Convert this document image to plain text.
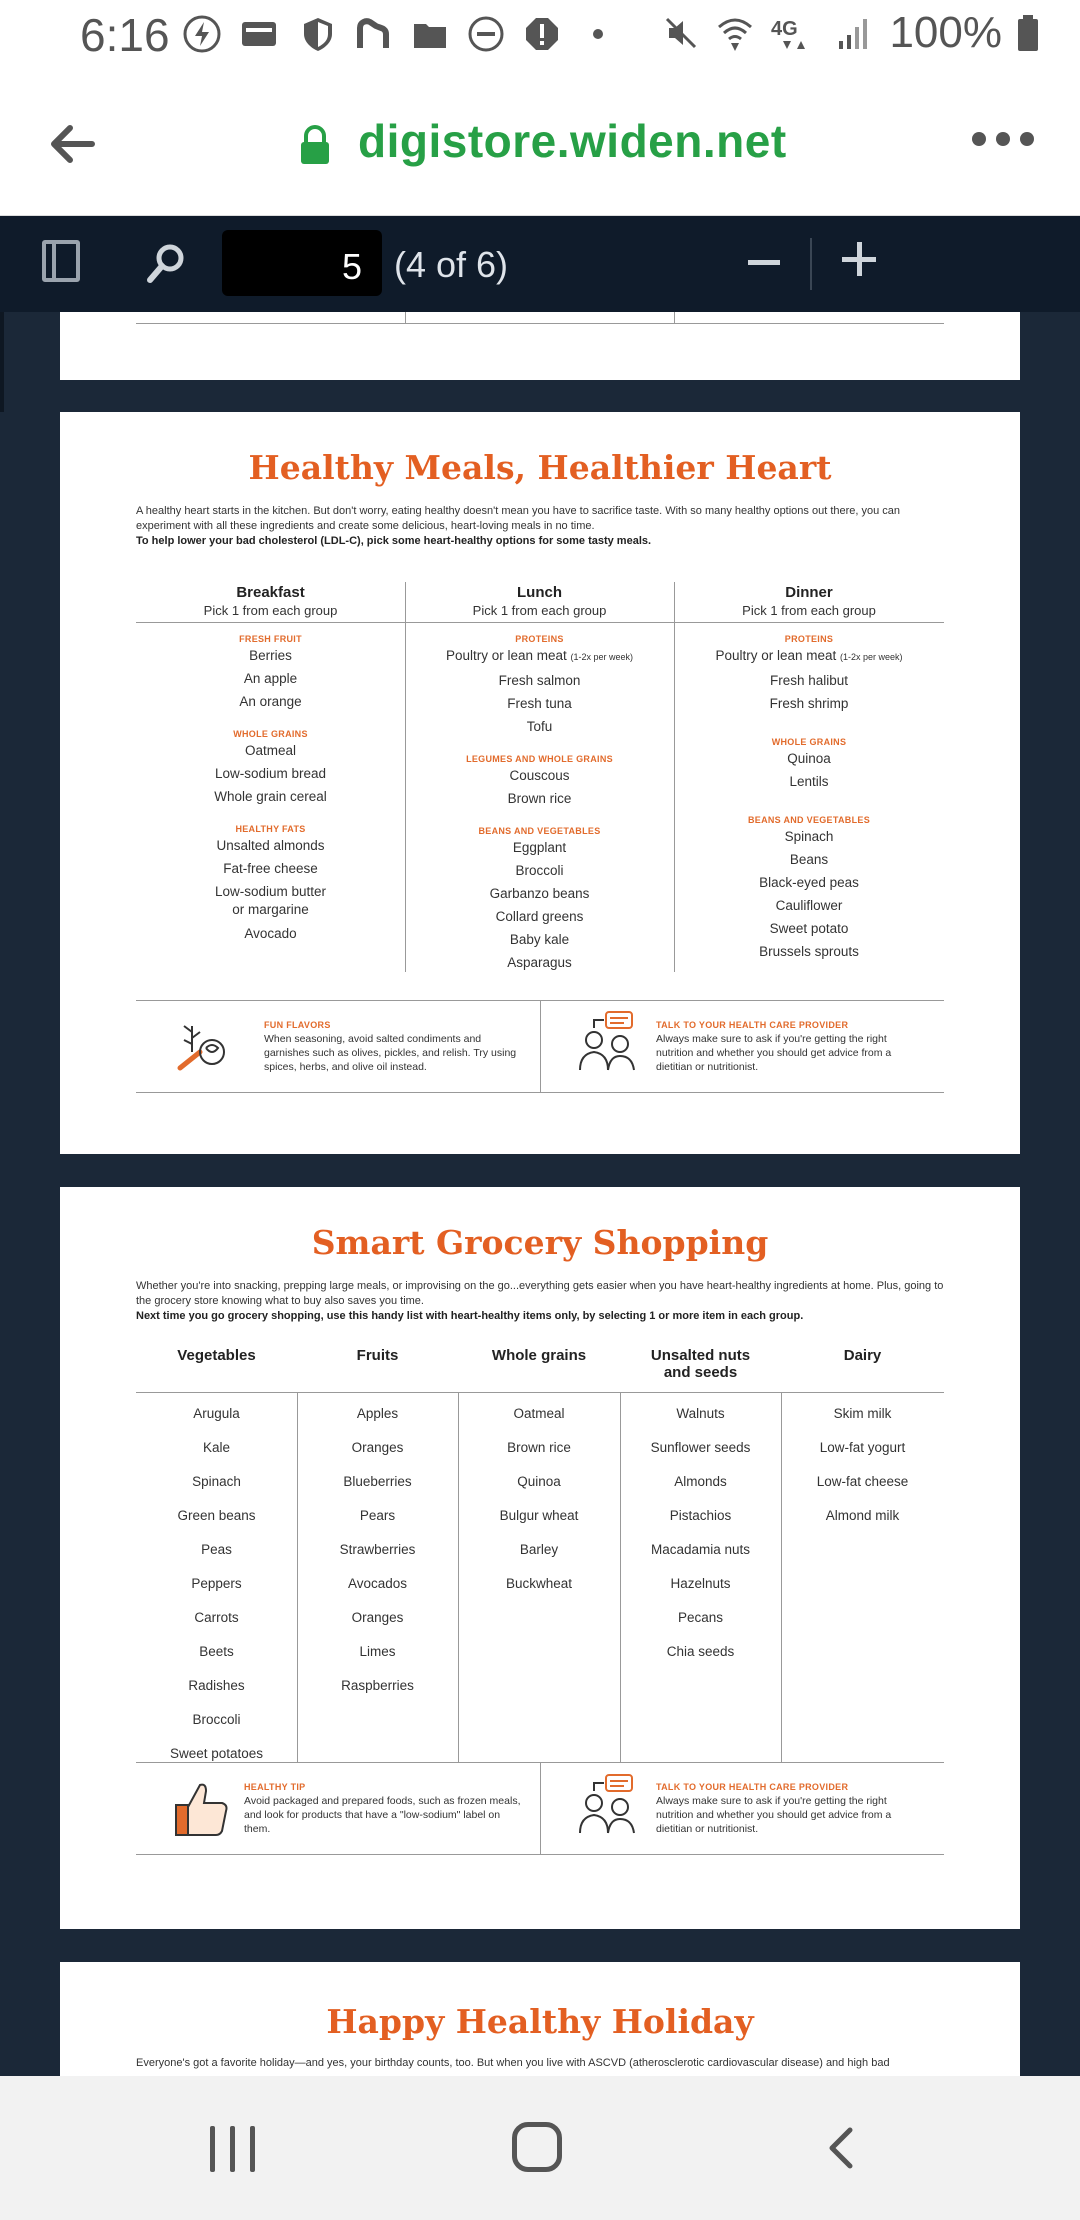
6:16	4G 100%
digistore.widen.net
5 (4 of 6)
Healthy Meals, Healthier Heart
A healthy heart starts in the kitchen. But don't worry, eating healthy doesn't mean you have to sacrifice taste. With so many healthy options out there, you can experiment with all these ingredients and create some delicious, heart-loving meals in no time.
To help lower your bad cholesterol (LDL-C), pick some heart-healthy options for some tasty meals.
Breakfast
Pick 1 from each group
FRESH FRUIT
Berries
An apple
An orange
WHOLE GRAINS
Oatmeal
Low-sodium bread
Whole grain cereal
HEALTHY FATS
Unsalted almonds
Fat-free cheese
Low-sodium butter
or margarine
Avocado
Lunch
Pick 1 from each group
PROTEINS
Poultry or lean meat (1-2x per week)
Fresh salmon
Fresh tuna
Tofu
LEGUMES AND WHOLE GRAINS
Couscous
Brown rice
BEANS AND VEGETABLES
Eggplant
Broccoli
Garbanzo beans
Collard greens
Baby kale
Asparagus
Dinner
Pick 1 from each group
PROTEINS
Poultry or lean meat (1-2x per week)
Fresh halibut
Fresh shrimp
WHOLE GRAINS
Quinoa
Lentils
BEANS AND VEGETABLES
Spinach
Beans
Black-eyed peas
Cauliflower
Sweet potato
Brussels sprouts
FUN FLAVORS
When seasoning, avoid salted condiments and garnishes such as olives, pickles, and relish. Try using spices, herbs, and olive oil instead.
TALK TO YOUR HEALTH CARE PROVIDER
Always make sure to ask if you're getting the right nutrition and whether you should get advice from a dietitian or nutritionist.
Smart Grocery Shopping
Whether you're into snacking, prepping large meals, or improvising on the go...everything gets easier when you have heart-healthy ingredients at home. Plus, going to the grocery store knowing what to buy also saves you time.
Next time you go grocery shopping, use this handy list with heart-healthy items only, by selecting 1 or more item in each group.
Vegetables
Arugula
Kale
Spinach
Green beans
Peas
Peppers
Carrots
Beets
Radishes
Broccoli
Sweet potatoes
Fruits
Apples
Oranges
Blueberries
Pears
Strawberries
Avocados
Oranges
Limes
Raspberries
Whole grains
Oatmeal
Brown rice
Quinoa
Bulgur wheat
Barley
Buckwheat
Unsalted nuts and seeds
Walnuts
Sunflower seeds
Almonds
Pistachios
Macadamia nuts
Hazelnuts
Pecans
Chia seeds
Dairy
Skim milk
Low-fat yogurt
Low-fat cheese
Almond milk
HEALTHY TIP
Avoid packaged and prepared foods, such as frozen meals, and look for products that have a "low-sodium" label on them.
TALK TO YOUR HEALTH CARE PROVIDER
Always make sure to ask if you're getting the right nutrition and whether you should get advice from a dietitian or nutritionist.
Happy Healthy Holiday
Everyone's got a favorite holiday—and yes, your birthday counts, too. But when you live with ASCVD (atherosclerotic cardiovascular disease) and high bad
